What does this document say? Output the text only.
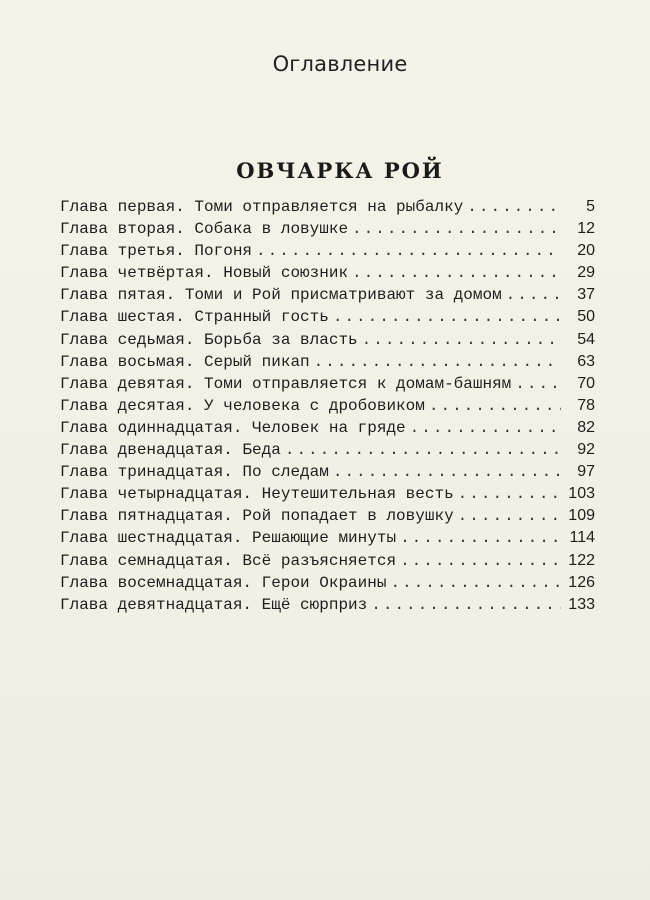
Оглавление
ОВЧАРКА РОЙ
Глава первая. Томи отправляется на рыбалку .....	5
Глава вторая. Собака в ловушке .....	12
Глава третья. Погоня .....	20
Глава четвёртая. Новый союзник .....	29
Глава пятая. Томи и Рой присматривают за домом .....	37
Глава шестая. Странный гость .....	50
Глава седьмая. Борьба за власть .....	54
Глава восьмая. Серый пикап .....	63
Глава девятая. Томи отправляется к домам-башням .....	70
Глава десятая. У человека с дробовиком .....	78
Глава одиннадцатая. Человек на гряде .....	82
Глава двенадцатая. Беда .....	92
Глава тринадцатая. По следам .....	97
Глава четырнадцатая. Неутешительная весть .....	103
Глава пятнадцатая. Рой попадает в ловушку .....	109
Глава шестнадцатая. Решающие минуты .....	114
Глава семнадцатая. Всё разъясняется .....	122
Глава восемнадцатая. Герои Окраины .....	126
Глава девятнадцатая. Ещё сюрприз .....	133
